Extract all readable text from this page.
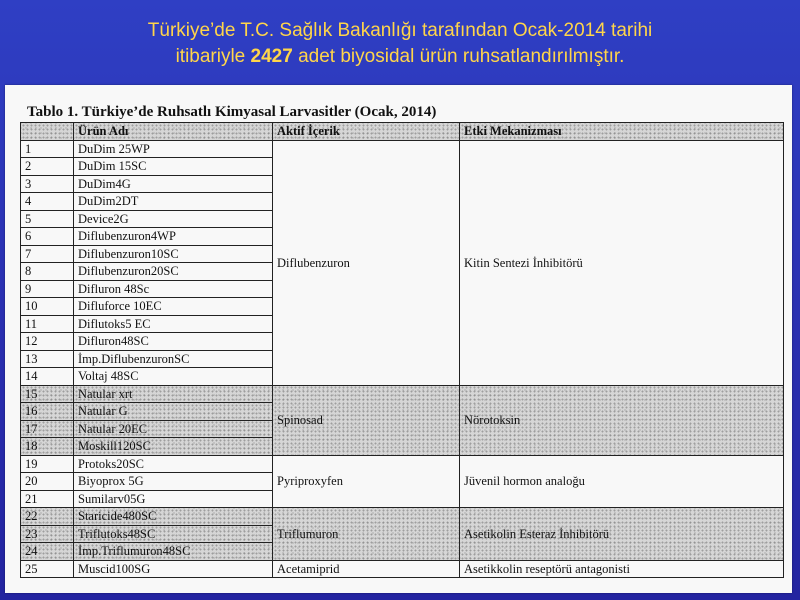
Türkiye’de T.C. Sağlık Bakanlığı tarafından Ocak-2014 tarihi
itibariyle 2427 adet biyosidal ürün ruhsatlandırılmıştır.
Tablo 1. Türkiye’de Ruhsatlı Kimyasal Larvasitler (Ocak, 2014)
	Ürün Adı	Aktif İçerik	Etki Mekanizması
1	DuDim 25WP	Diflubenzuron	Kitin Sentezi İnhibitörü
2	DuDim 15SC		
3	DuDim4G		
4	DuDim2DT		
5	Device2G		
6	Diflubenzuron4WP		
7	Diflubenzuron10SC		
8	Diflubenzuron20SC		
9	Difluron 48Sc		
10	Difluforce 10EC		
11	Diflutoks5 EC		
12	Difluron48SC		
13	İmp.DiflubenzuronSC		
14	Voltaj 48SC		
15	Natular xrt	Spinosad	Nörotoksin
16	Natular G		
17	Natular 20EC		
18	Moskill120SC		
19	Protoks20SC	Pyriproxyfen	Jüvenil hormon analoğu
20	Biyoprox 5G		
21	Sumilarv05G		
22	Staricide480SC	Triflumuron	Asetikolin Esteraz İnhibitörü
23	Triflutoks48SC		
24	İmp.Triflumuron48SC		
25	Muscid100SG	Acetamiprid	Asetikkolin reseptörü antagonisti
